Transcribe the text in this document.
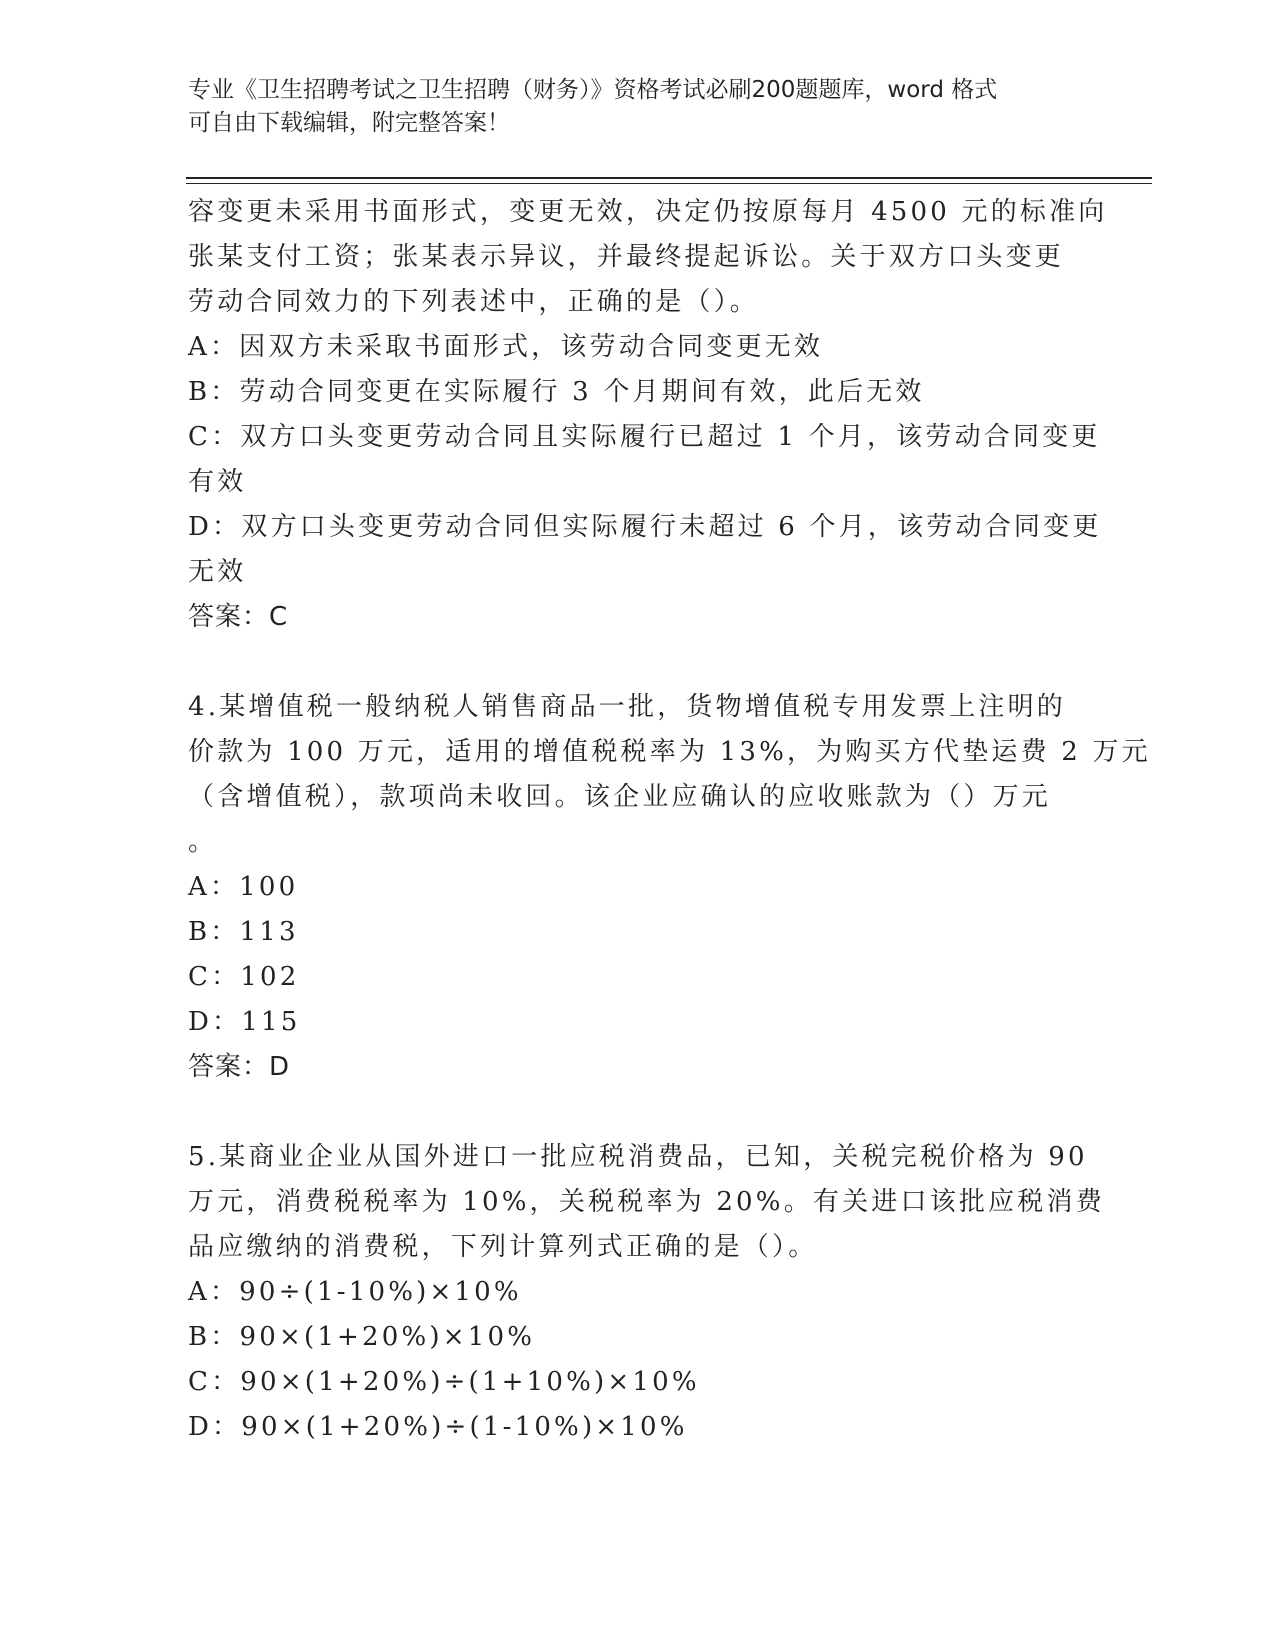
专业《卫生招聘考试之卫生招聘（财务）》资格考试必刷200题题库，word 格式
可自由下载编辑，附完整答案！
容变更未采用书面形式，变更无效，决定仍按原每月 4500 元的标准向
张某支付工资；张某表示异议，并最终提起诉讼。关于双方口头变更
劳动合同效力的下列表述中，正确的是（）。
A：因双方未采取书面形式，该劳动合同变更无效
B：劳动合同变更在实际履行 3 个月期间有效，此后无效
C：双方口头变更劳动合同且实际履行已超过 1 个月，该劳动合同变更
有效
D：双方口头变更劳动合同但实际履行未超过 6 个月，该劳动合同变更
无效
答案：C
4.某增值税一般纳税人销售商品一批，货物增值税专用发票上注明的
价款为 100 万元，适用的增值税税率为 13%，为购买方代垫运费 2 万元
（含增值税），款项尚未收回。该企业应确认的应收账款为（）万元
。
A：100
B：113
C：102
D：115
答案：D
5.某商业企业从国外进口一批应税消费品，已知，关税完税价格为 90
万元，消费税税率为 10%，关税税率为 20%。有关进口该批应税消费
品应缴纳的消费税，下列计算列式正确的是（）。
A：90÷(1-10%)×10%
B：90×(1+20%)×10%
C：90×(1+20%)÷(1+10%)×10%
D：90×(1+20%)÷(1-10%)×10%
